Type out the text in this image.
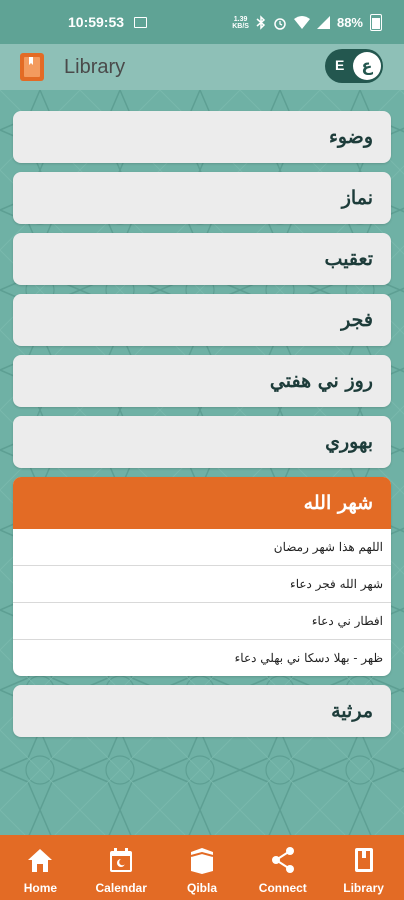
10:59:53	1.39
KB/S	88%
Library	E	ع
وضوء
نماز
تعقيب
فجر
روز ني هفتي
بهوري
شهر الله
اللهم هذا شهر رمضان
شهر الله فجر دعاء
افطار ني دعاء
ظهر - بهلا دسكا ني بهلي دعاء
مرثية
Home	Calendar	Qibla	Connect	Library
